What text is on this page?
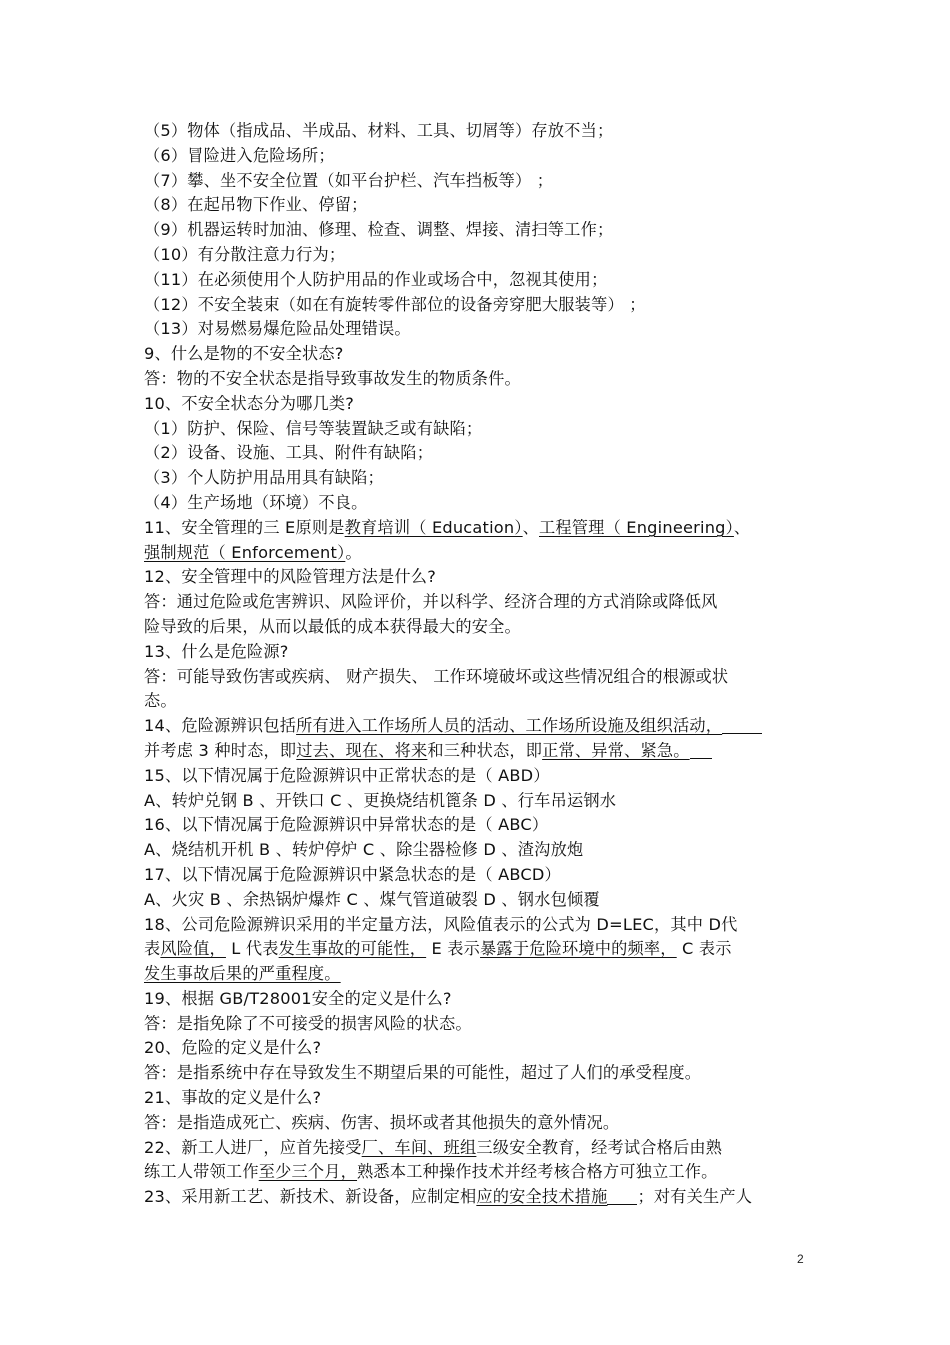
（5）物体（指成品、半成品、材料、工具、切屑等）存放不当；
（6）冒险进入危险场所；
（7）攀、坐不安全位置（如平台护栏、汽车挡板等） ；
（8）在起吊物下作业、停留；
（9）机器运转时加油、修理、检查、调整、焊接、清扫等工作；
（10）有分散注意力行为；
（11）在必须使用个人防护用品的作业或场合中，忽视其使用；
（12）不安全装束（如在有旋转零件部位的设备旁穿肥大服装等） ；
（13）对易燃易爆危险品处理错误。
9、什么是物的不安全状态?
答：物的不安全状态是指导致事故发生的物质条件。
10、不安全状态分为哪几类?
（1）防护、保险、信号等装置缺乏或有缺陷；
（2）设备、设施、工具、附件有缺陷；
（3）个人防护用品用具有缺陷；
（4）生产场地（环境）不良。
11、安全管理的三 E原则是教育培训（ Education）、工程管理（ Engineering）、
强制规范（ Enforcement）。
12、安全管理中的风险管理方法是什么?
答：通过危险或危害辨识、风险评价，并以科学、经济合理的方式消除或降低风
险导致的后果，从而以最低的成本获得最大的安全。
13、什么是危险源?
答：可能导致伤害或疾病、 财产损失、 工作环境破坏或这些情况组合的根源或状
态。
14、危险源辨识包括所有进入工作场所人员的活动、工作场所设施及组织活动，
并考虑 3 种时态，即过去、现在、将来和三种状态，即正常、异常、紧急。
15、以下情况属于危险源辨识中正常状态的是（ ABD）
A、转炉兑钢 B 、开铁口 C 、更换烧结机篦条 D 、行车吊运钢水
16、以下情况属于危险源辨识中异常状态的是（ ABC）
A、烧结机开机 B 、转炉停炉 C 、除尘器检修 D 、渣沟放炮
17、以下情况属于危险源辨识中紧急状态的是（ ABCD）
A、火灾 B 、余热锅炉爆炸 C 、煤气管道破裂 D 、钢水包倾覆
18、公司危险源辨识采用的半定量方法，风险值表示的公式为 D=LEC，其中 D代
表风险值， L 代表发生事故的可能性， E 表示暴露于危险环境中的频率， C 表示
发生事故后果的严重程度。
19、根据 GB/T28001安全的定义是什么?
答：是指免除了不可接受的损害风险的状态。
20、危险的定义是什么?
答：是指系统中存在导致发生不期望后果的可能性，超过了人们的承受程度。
21、事故的定义是什么?
答：是指造成死亡、疾病、伤害、损坏或者其他损失的意外情况。
22、新工人进厂，应首先接受厂、车间、班组三级安全教育，经考试合格后由熟
练工人带领工作至少三个月，熟悉本工种操作技术并经考核合格方可独立工作。
23、采用新工艺、新技术、新设备，应制定相应的安全技术措施 ；对有关生产人
2
